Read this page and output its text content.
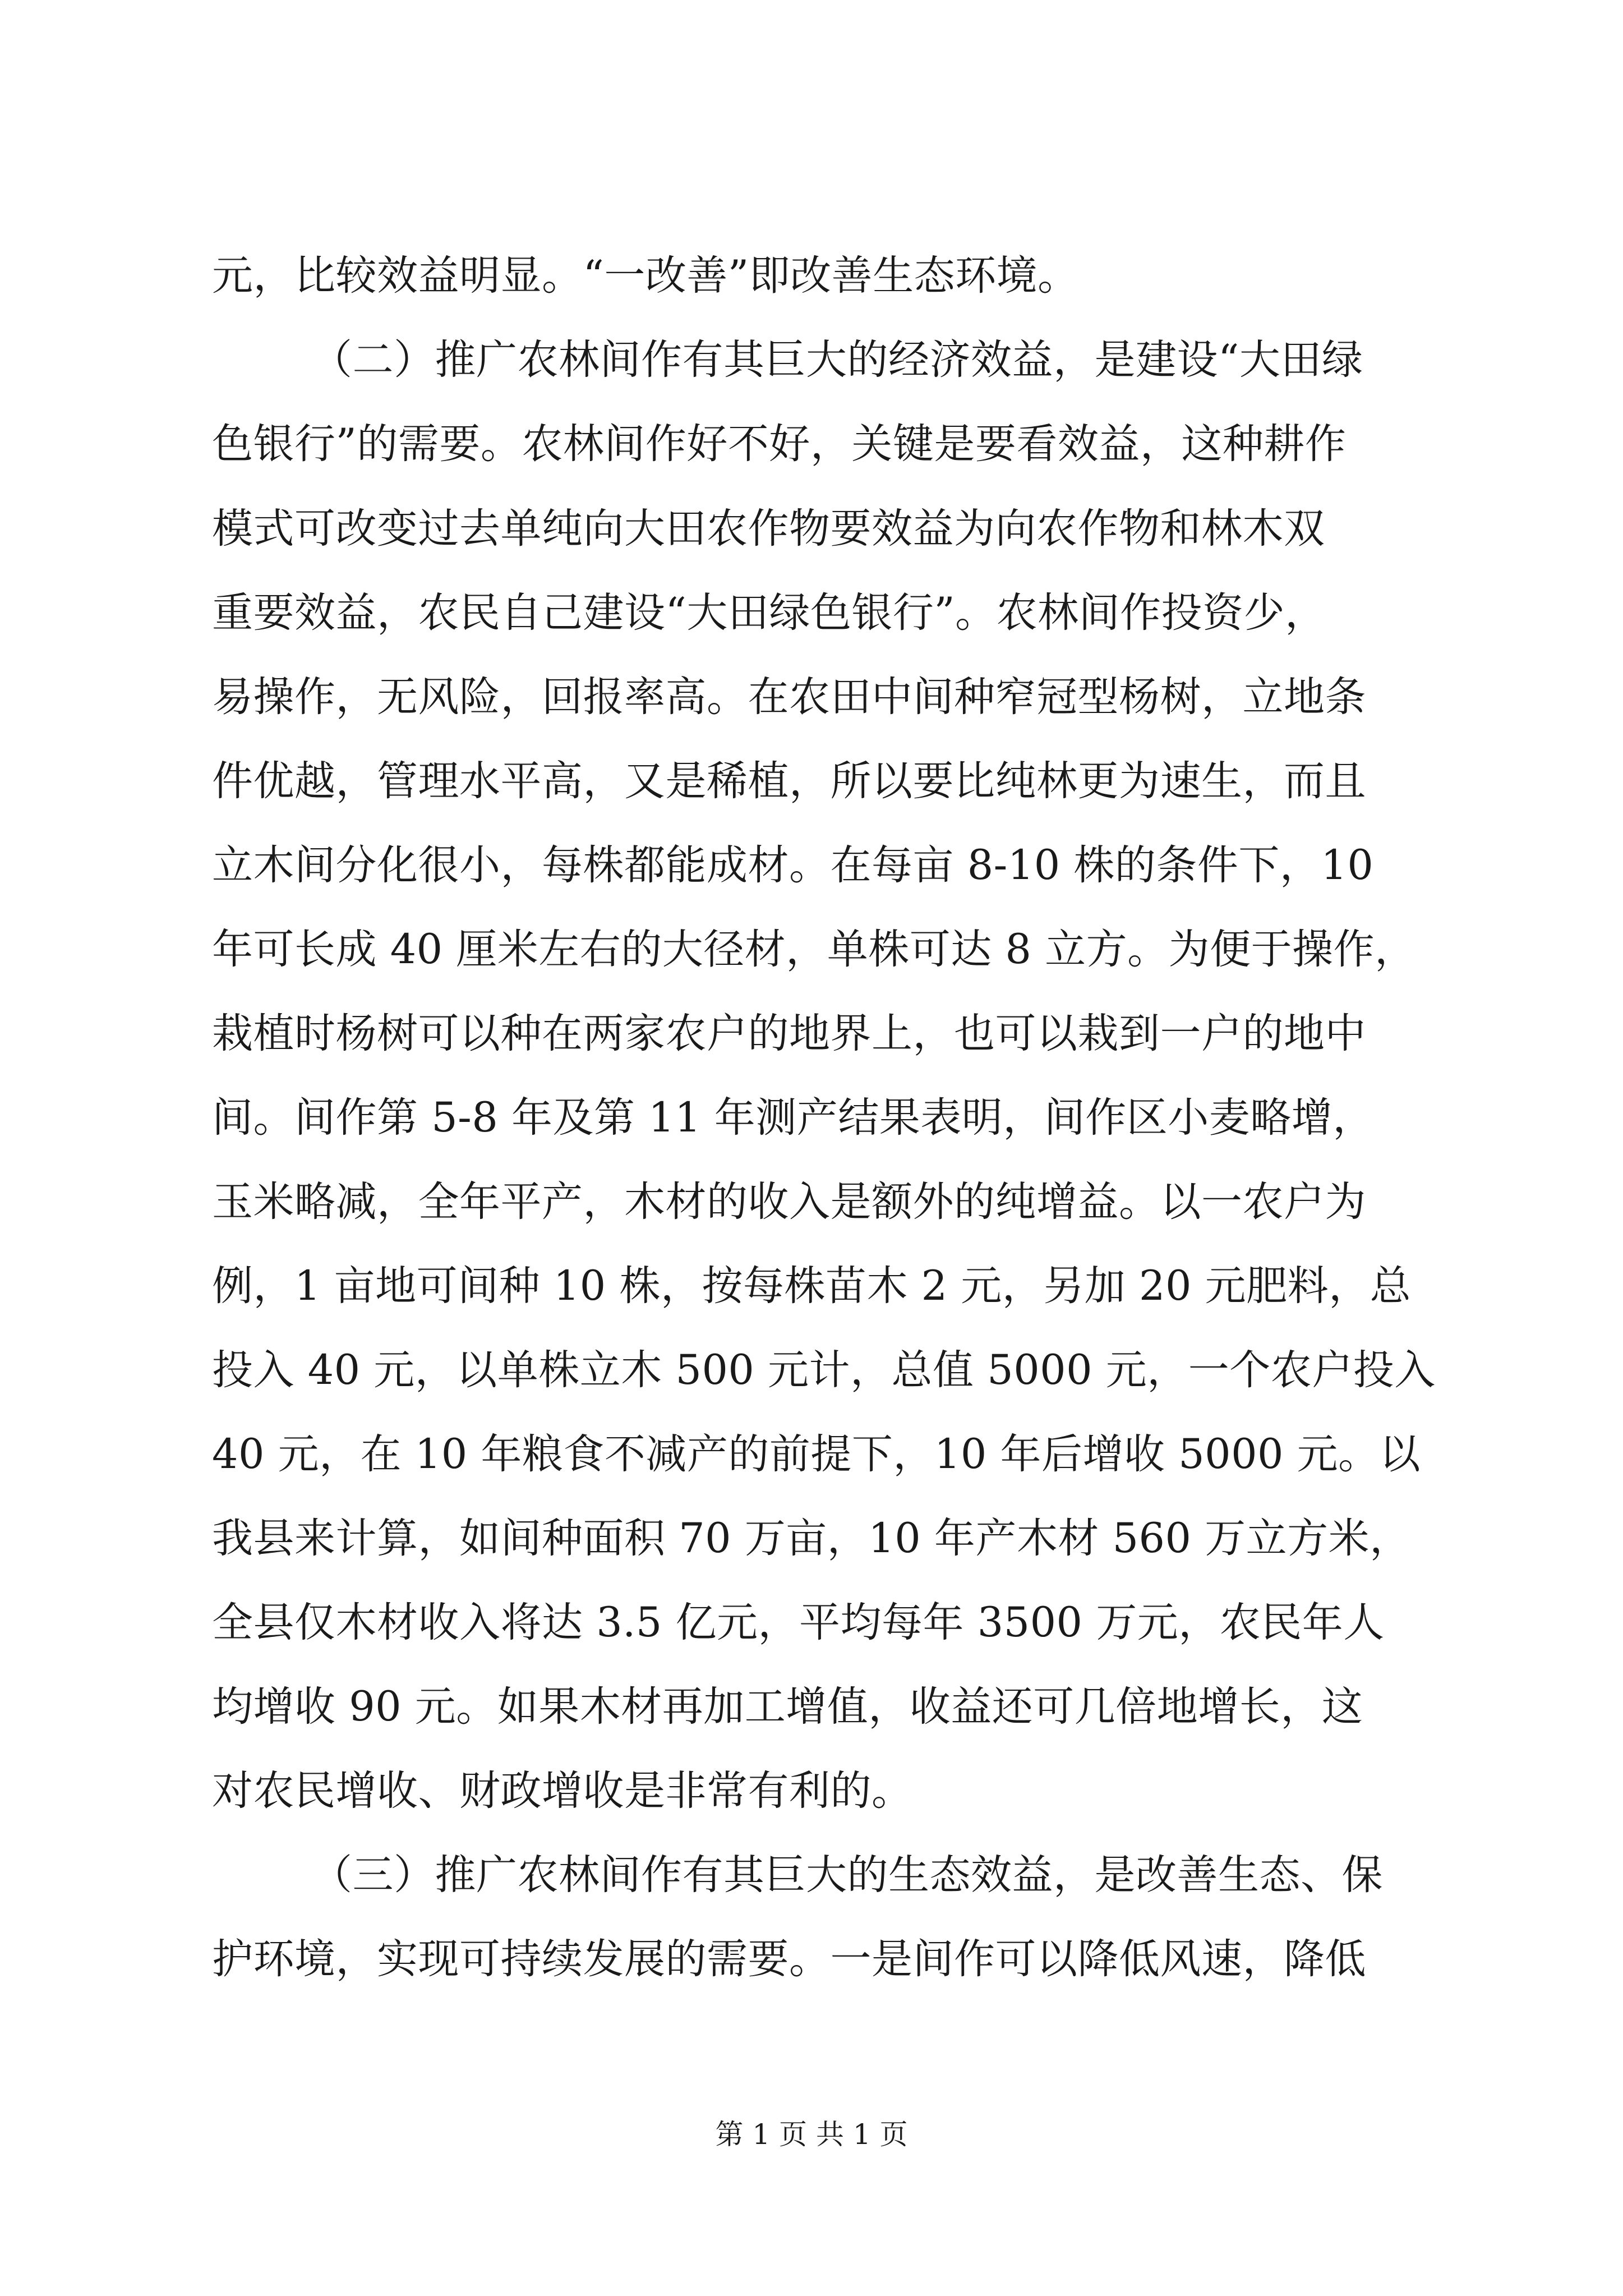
元，比较效益明显。“一改善”即改善生态环境。
（二）推广农林间作有其巨大的经济效益，是建设“大田绿
色银行”的需要。农林间作好不好，关键是要看效益，这种耕作
模式可改变过去单纯向大田农作物要效益为向农作物和林木双
重要效益，农民自己建设“大田绿色银行”。农林间作投资少，
易操作，无风险，回报率高。在农田中间种窄冠型杨树，立地条
件优越，管理水平高，又是稀植，所以要比纯林更为速生，而且
立木间分化很小，每株都能成材。在每亩 8-10 株的条件下，10
年可长成 40 厘米左右的大径材，单株可达 8 立方。为便于操作，
栽植时杨树可以种在两家农户的地界上，也可以栽到一户的地中
间。间作第 5-8 年及第 11 年测产结果表明，间作区小麦略增，
玉米略减，全年平产，木材的收入是额外的纯增益。以一农户为
例，1 亩地可间种 10 株，按每株苗木 2 元，另加 20 元肥料，总
投入 40 元，以单株立木 500 元计，总值 5000 元，一个农户投入
40 元，在 10 年粮食不减产的前提下，10 年后增收 5000 元。以
我县来计算，如间种面积 70 万亩，10 年产木材 560 万立方米，
全县仅木材收入将达 3.5 亿元，平均每年 3500 万元，农民年人
均增收 90 元。如果木材再加工增值，收益还可几倍地增长，这
对农民增收、财政增收是非常有利的。
（三）推广农林间作有其巨大的生态效益，是改善生态、保
护环境，实现可持续发展的需要。一是间作可以降低风速，降低
第 1 页 共 1 页
